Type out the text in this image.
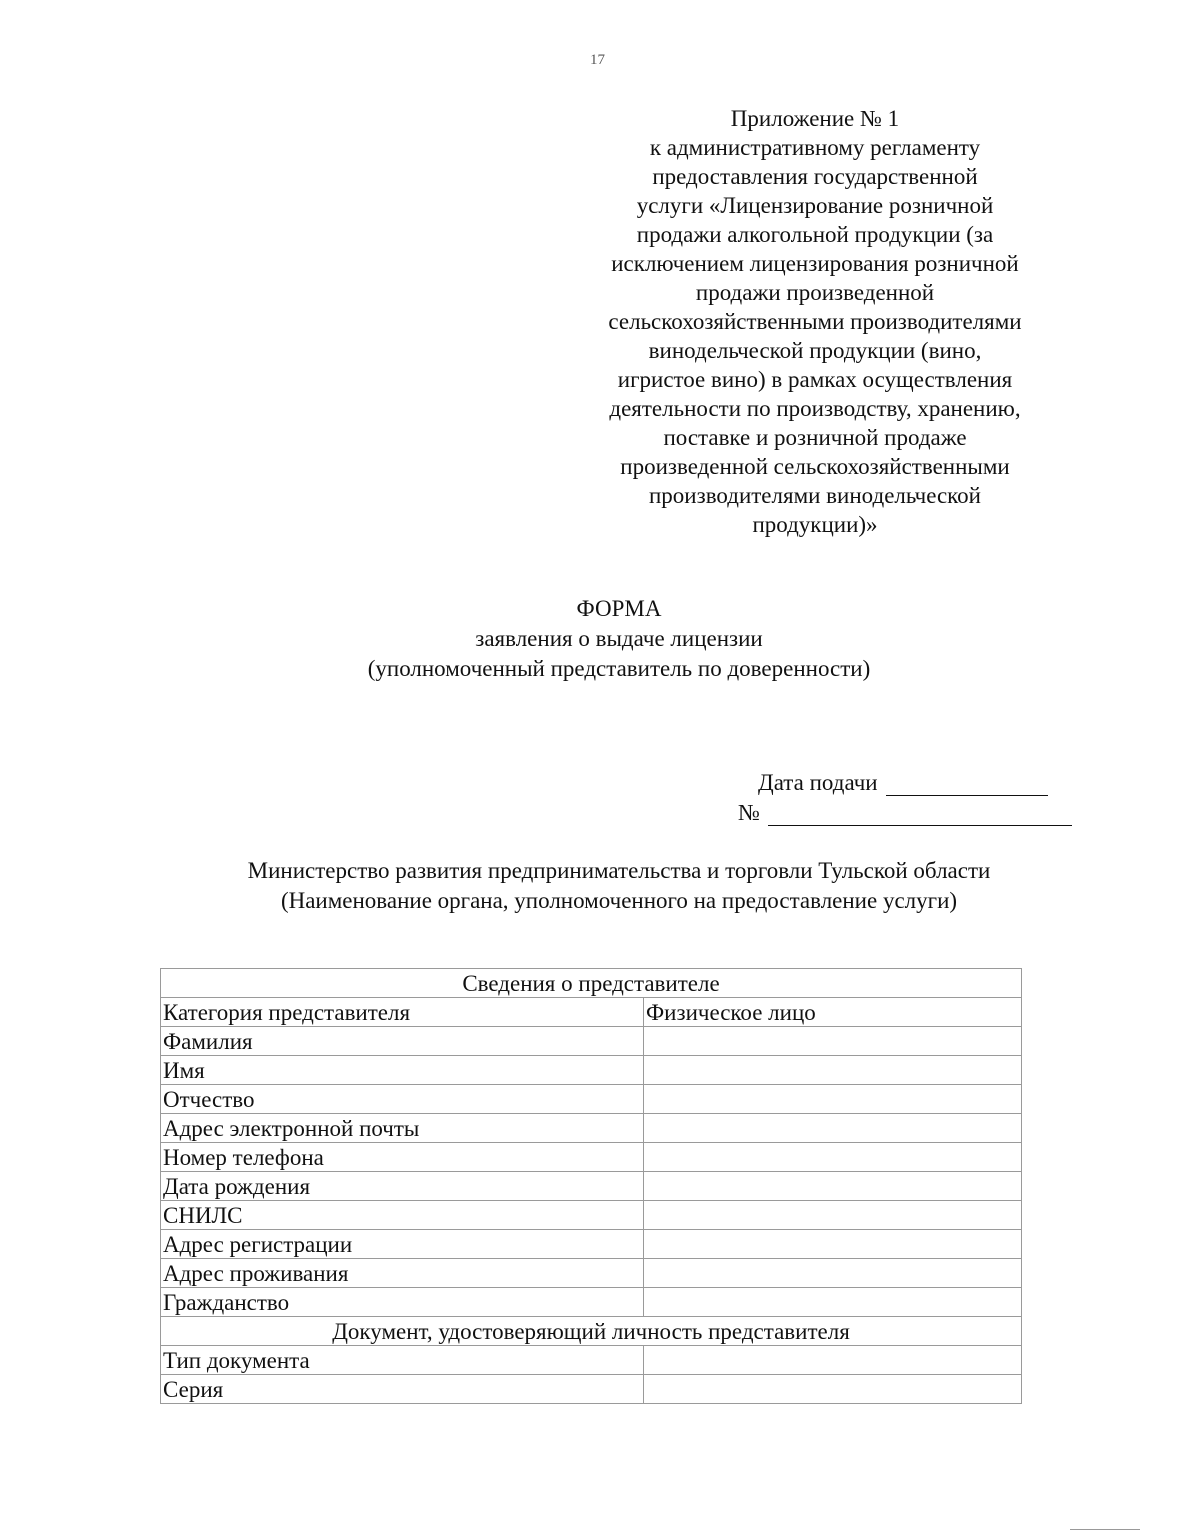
17
Приложение № 1
к административному регламенту
предоставления государственной
услуги «Лицензирование розничной
продажи алкогольной продукции (за
исключением лицензирования розничной
продажи произведенной
сельскохозяйственными производителями
винодельческой продукции (вино,
игристое вино) в рамках осуществления
деятельности по производству, хранению,
поставке и розничной продаже
произведенной сельскохозяйственными
производителями винодельческой
продукции)»
ФОРМА
заявления о выдаче лицензии
(уполномоченный представитель по доверенности)
Дата подачи
№
Министерство развития предпринимательства и торговли Тульской области
(Наименование органа, уполномоченного на предоставление услуги)
Сведения о представителе	
Категория представителя	Физическое лицо
Фамилия	
Имя	
Отчество	
Адрес электронной почты	
Номер телефона	
Дата рождения	
СНИЛС	
Адрес регистрации	
Адрес проживания	
Гражданство	
Документ, удостоверяющий личность представителя	
Тип документа	
Серия	
